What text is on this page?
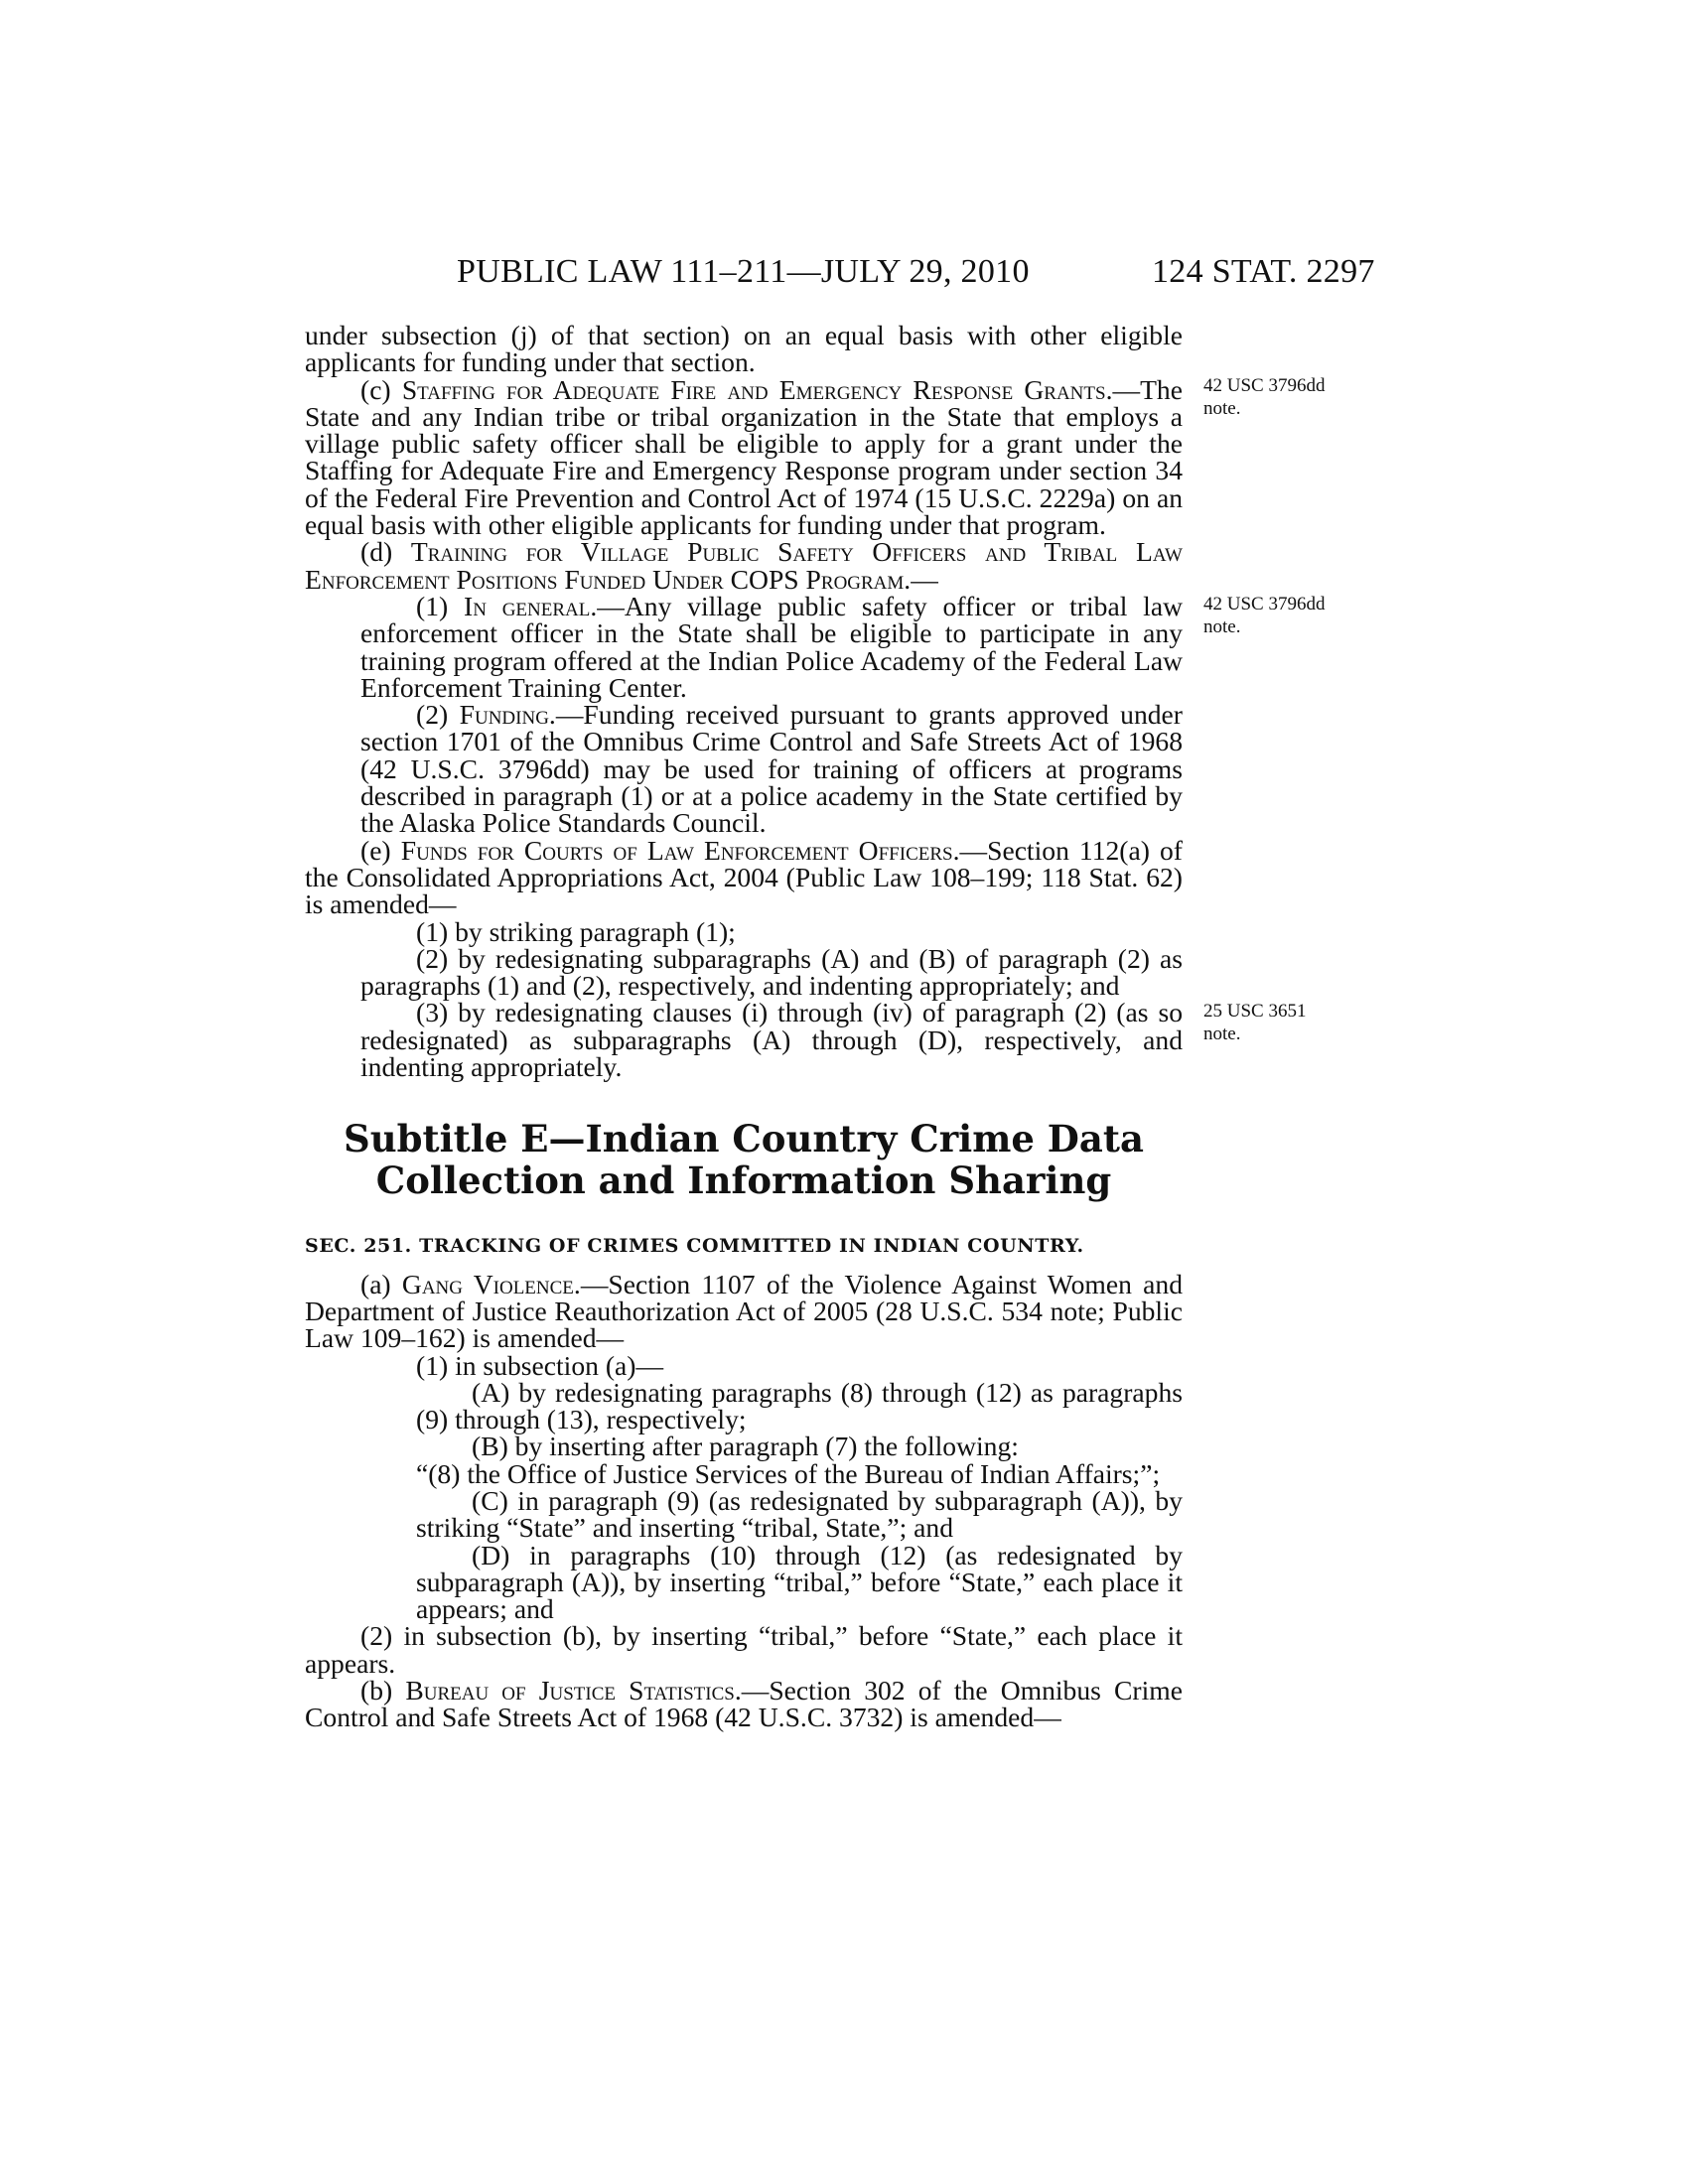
PUBLIC LAW 111–211—JULY 29, 2010	124 STAT. 2297
42 USC 3796dd
note.
42 USC 3796dd
note.
25 USC 3651
note.

under subsection (j) of that section) on an equal basis with other eligible applicants for funding under that section.

(c) Staffing for Adequate Fire and Emergency Response Grants.—The State and any Indian tribe or tribal organization in the State that employs a village public safety officer shall be eligible to apply for a grant under the Staffing for Adequate Fire and Emergency Response program under section 34 of the Federal Fire Prevention and Control Act of 1974 (15 U.S.C. 2229a) on an equal basis with other eligible applicants for funding under that program.

(d) Training for Village Public Safety Officers and Tribal Law Enforcement Positions Funded Under COPS Program.—

(1) In general.—Any village public safety officer or tribal law enforcement officer in the State shall be eligible to participate in any training program offered at the Indian Police Academy of the Federal Law Enforcement Training Center.

(2) Funding.—Funding received pursuant to grants approved under section 1701 of the Omnibus Crime Control and Safe Streets Act of 1968 (42 U.S.C. 3796dd) may be used for training of officers at programs described in paragraph (1) or at a police academy in the State certified by the Alaska Police Standards Council.

(e) Funds for Courts of Law Enforcement Officers.—Section 112(a) of the Consolidated Appropriations Act, 2004 (Public Law 108–199; 118 Stat. 62) is amended—

(1) by striking paragraph (1);

(2) by redesignating subparagraphs (A) and (B) of paragraph (2) as paragraphs (1) and (2), respectively, and indenting appropriately; and

(3) by redesignating clauses (i) through (iv) of paragraph (2) (as so redesignated) as subparagraphs (A) through (D), respectively, and indenting appropriately.

Subtitle E—Indian Country Crime Data
Collection and Information Sharing

SEC. 251. TRACKING OF CRIMES COMMITTED IN INDIAN COUNTRY.

(a) Gang Violence.—Section 1107 of the Violence Against Women and Department of Justice Reauthorization Act of 2005 (28 U.S.C. 534 note; Public Law 109–162) is amended—

(1) in subsection (a)—

(A) by redesignating paragraphs (8) through (12) as paragraphs (9) through (13), respectively;

(B) by inserting after paragraph (7) the following:

“(8) the Office of Justice Services of the Bureau of Indian Affairs;”;

(C) in paragraph (9) (as redesignated by subparagraph (A)), by striking “State” and inserting “tribal, State,”; and

(D) in paragraphs (10) through (12) (as redesignated by subparagraph (A)), by inserting “tribal,” before “State,” each place it appears; and

(2) in subsection (b), by inserting “tribal,” before “State,” each place it appears.

(b) Bureau of Justice Statistics.—Section 302 of the Omnibus Crime Control and Safe Streets Act of 1968 (42 U.S.C. 3732) is amended—
